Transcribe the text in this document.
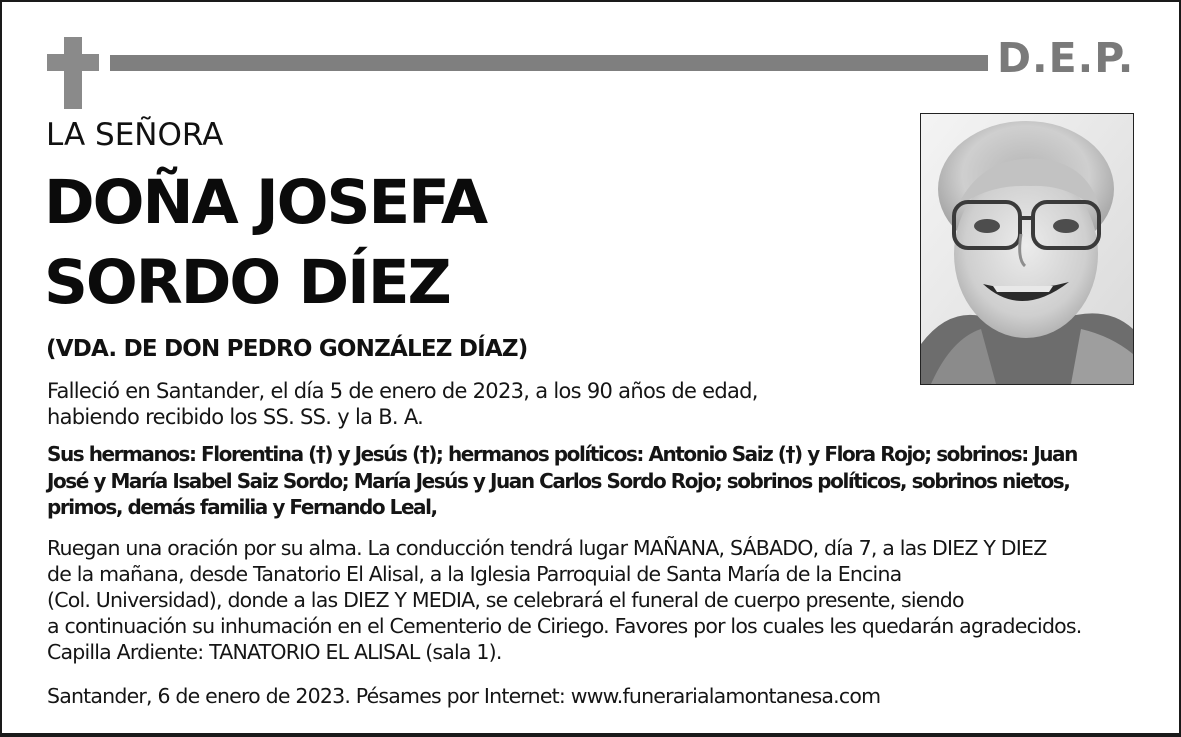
D.E.P.
LA SEÑORA
DOÑA JOSEFA
SORDO DÍEZ
(VDA. DE DON PEDRO GONZÁLEZ DÍAZ)

Falleció en Santander, el día 5 de enero de 2023, a los 90 años de edad,
habiendo recibido los SS. SS. y la B. A.

Sus hermanos: Florentina (†) y Jesús (†); hermanos políticos: Antonio Saiz (†) y Flora Rojo; sobrinos: Juan
José y María Isabel Saiz Sordo; María Jesús y Juan Carlos Sordo Rojo; sobrinos políticos, sobrinos nietos,
primos, demás familia y Fernando Leal,

Ruegan una oración por su alma. La conducción tendrá lugar MAÑANA, SÁBADO, día 7, a las DIEZ Y DIEZ
de la mañana, desde Tanatorio El Alisal, a la Iglesia Parroquial de Santa María de la Encina
(Col. Universidad), donde a las DIEZ Y MEDIA, se celebrará el funeral de cuerpo presente, siendo
a continuación su inhumación en el Cementerio de Ciriego. Favores por los cuales les quedarán agradecidos.
Capilla Ardiente: TANATORIO EL ALISAL (sala 1).

Santander, 6 de enero de 2023. Pésames por Internet: www.funerarialamontanesa.com
